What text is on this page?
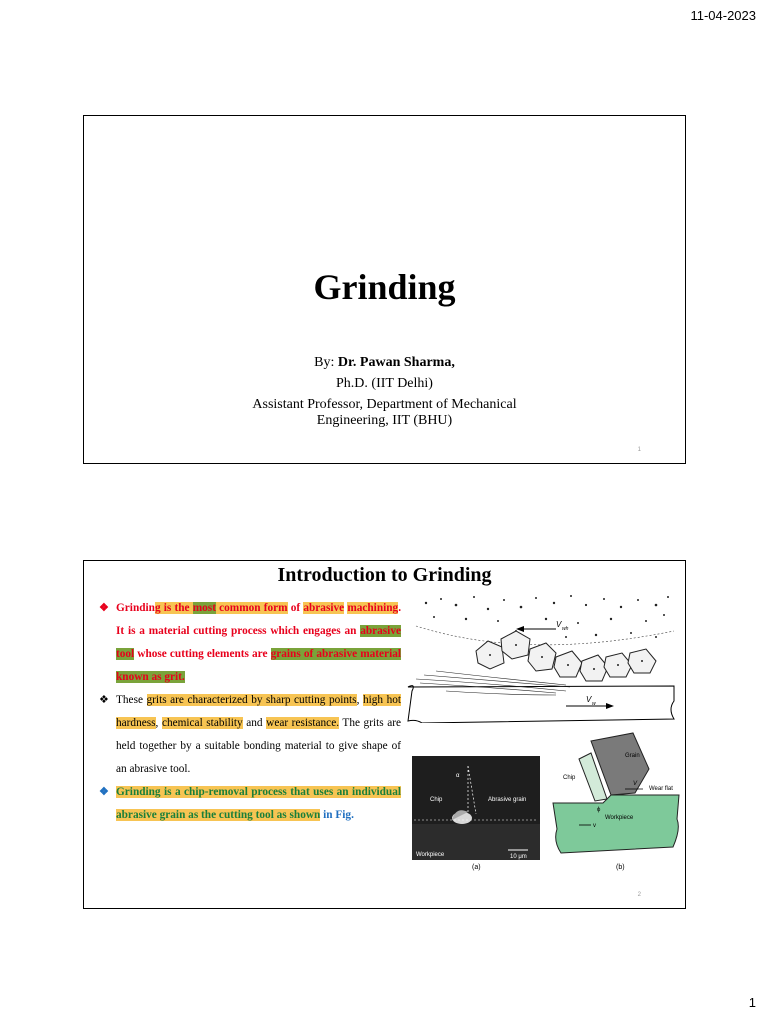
11-04-2023
Grinding
By: Dr. Pawan Sharma,
Ph.D. (IIT Delhi)
Assistant Professor, Department of Mechanical
Engineering, IIT (BHU)
1
Introduction to Grinding
❖ Grinding is the most common form of abrasive machining. It is a material cutting process which engages an abrasive tool whose cutting elements are grains of abrasive material known as grit.
❖ These grits are characterized by sharp cutting points, high hot hardness, chemical stability and wear resistance. The grits are held together by a suitable bonding material to give shape of an abrasive tool.
❖ Grinding is a chip-removal process that uses an individual abrasive grain as the cutting tool as shown in Fig.
V wh
V w
α
Chip	Abrasive grain
Workpiece	10 μm
(a)
Grain
Chip
V
Wear flat
Workpiece
ϕ
v
(b)
2
1
